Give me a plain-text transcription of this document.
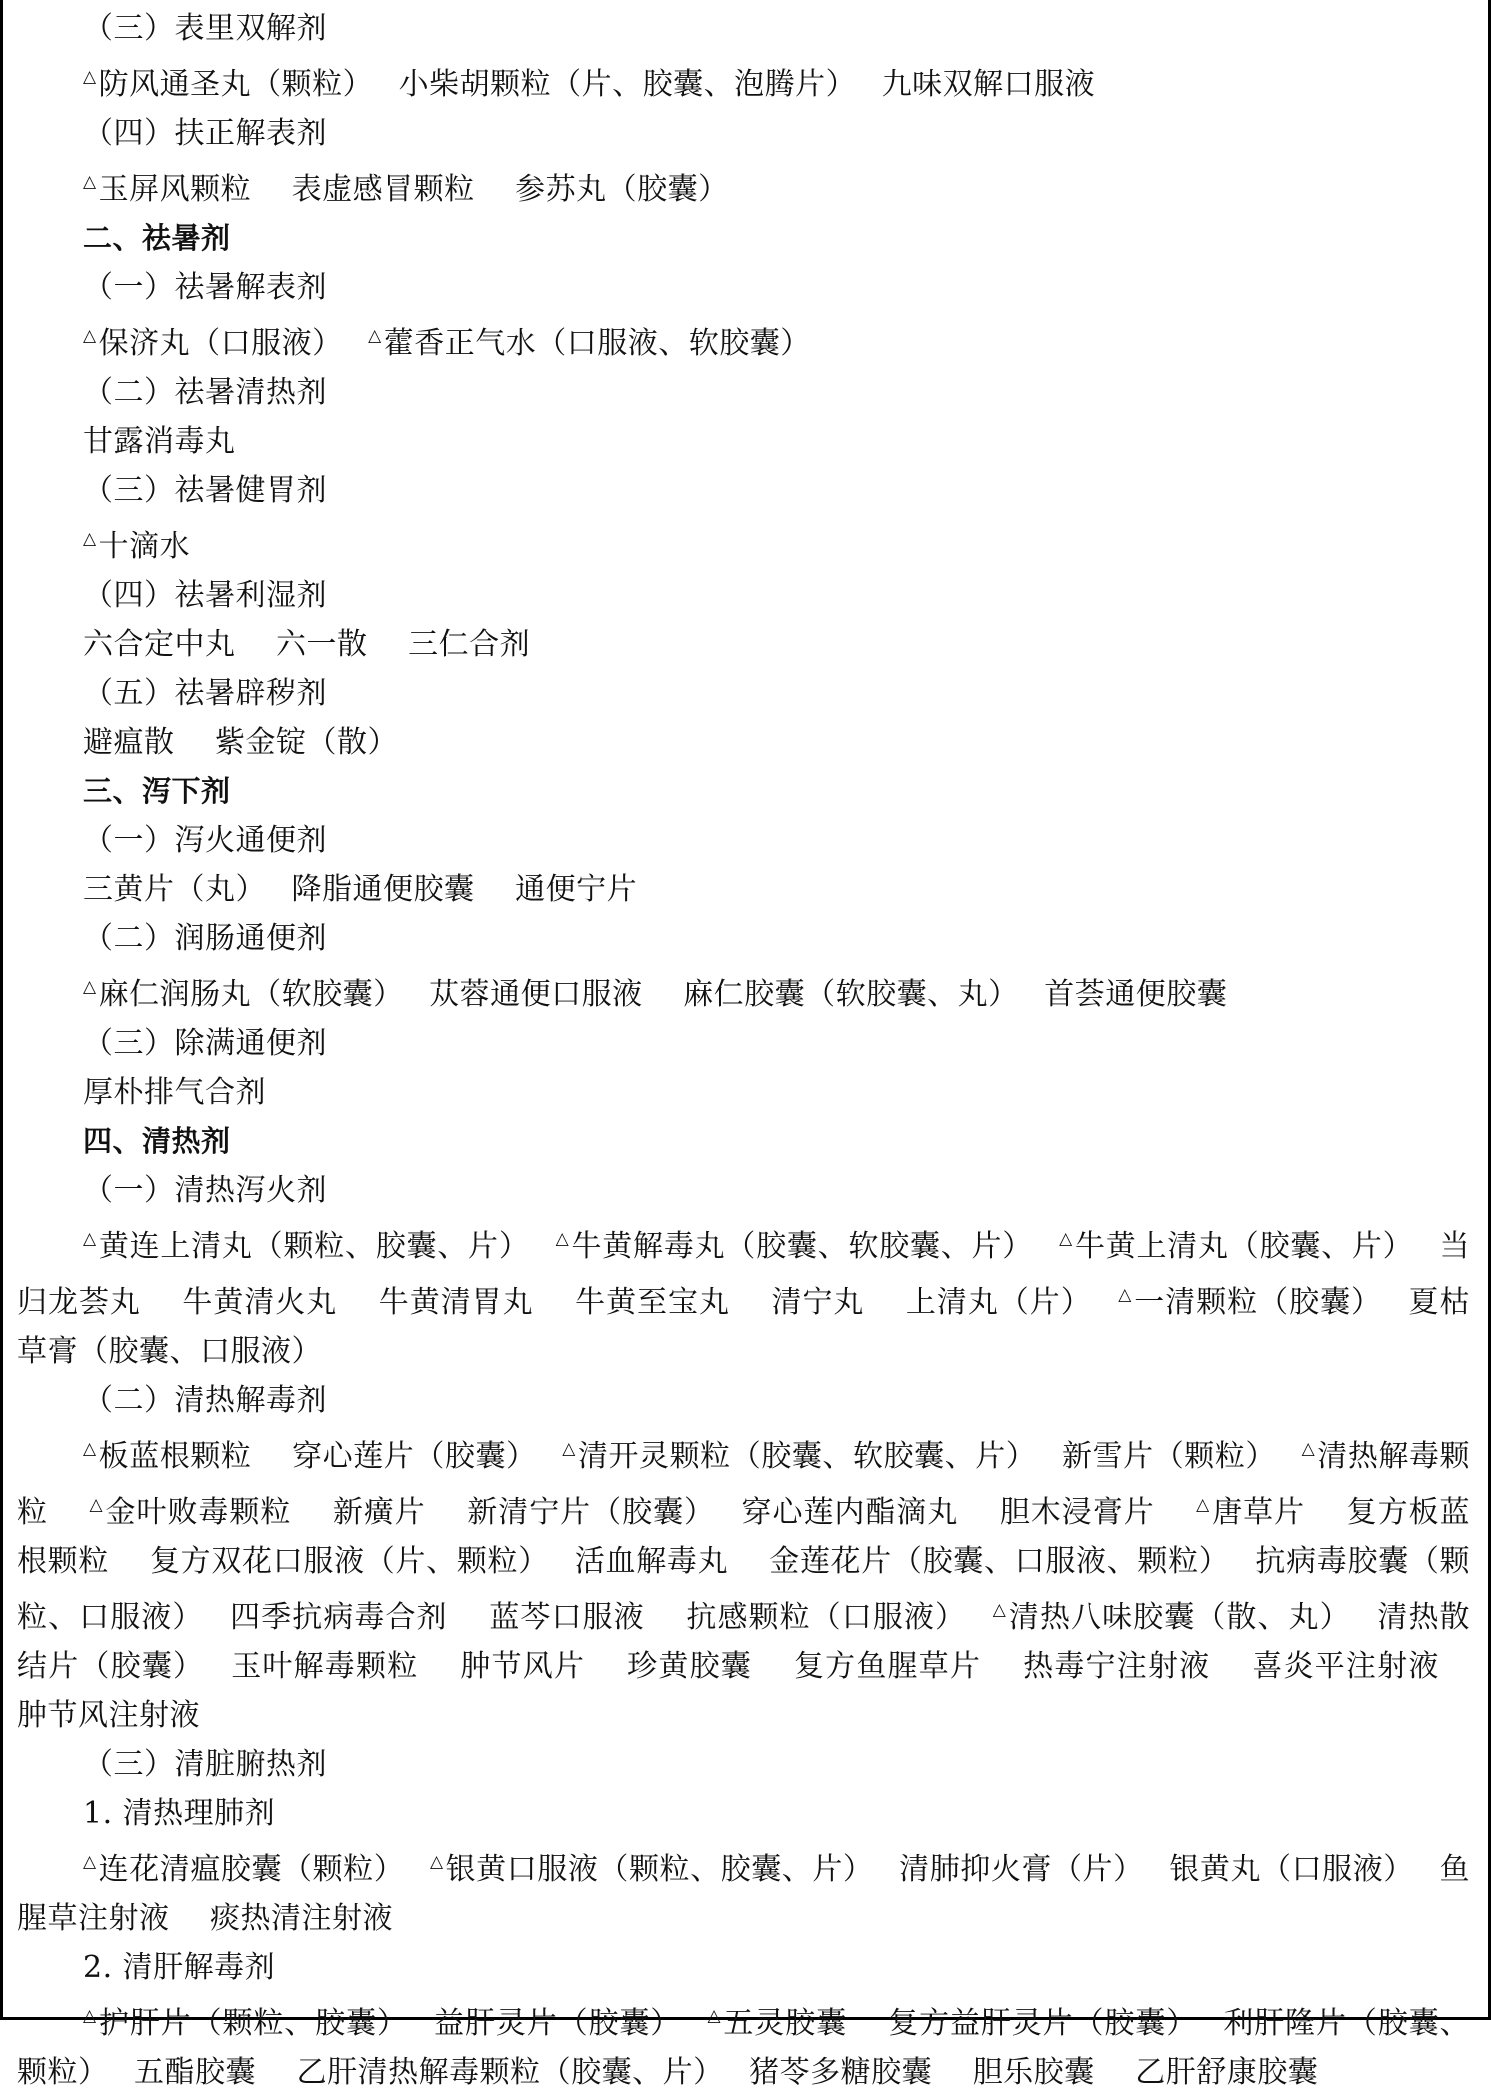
（三）表里双解剂
△防风通圣丸（颗粒）　 小柴胡颗粒（片、胶囊、泡腾片）　 九味双解口服液
（四）扶正解表剂
△玉屏风颗粒　 表虚感冒颗粒　 参苏丸（胶囊）
二、祛暑剂
（一）祛暑解表剂
△保济丸（口服液）　 △藿香正气水（口服液、软胶囊）
（二）祛暑清热剂
甘露消毒丸
（三）祛暑健胃剂
△十滴水
（四）祛暑利湿剂
六合定中丸　 六一散　 三仁合剂
（五）祛暑辟秽剂
避瘟散　 紫金锭（散）
三、泻下剂
（一）泻火通便剂
三黄片（丸）　 降脂通便胶囊　 通便宁片
（二）润肠通便剂
△麻仁润肠丸（软胶囊）　 苁蓉通便口服液　 麻仁胶囊（软胶囊、丸）　 首荟通便胶囊
（三）除满通便剂
厚朴排气合剂
四、清热剂
（一）清热泻火剂
△黄连上清丸（颗粒、胶囊、片）　 △牛黄解毒丸（胶囊、软胶囊、片）　 △牛黄上清丸（胶囊、片）　 当归龙荟丸　 牛黄清火丸　 牛黄清胃丸　 牛黄至宝丸　 清宁丸　 上清丸（片）　 △一清颗粒（胶囊）　 夏枯草膏（胶囊、口服液）
（二）清热解毒剂
△板蓝根颗粒　 穿心莲片（胶囊）　 △清开灵颗粒（胶囊、软胶囊、片）　 新雪片（颗粒）　 △清热解毒颗粒　 △金叶败毒颗粒　 新癀片　 新清宁片（胶囊）　 穿心莲内酯滴丸　 胆木浸膏片　 △唐草片　 复方板蓝根颗粒　 复方双花口服液（片、颗粒）　 活血解毒丸　 金莲花片（胶囊、口服液、颗粒）　 抗病毒胶囊（颗粒、口服液）　 四季抗病毒合剂　 蓝芩口服液　 抗感颗粒（口服液）　 △清热八味胶囊（散、丸）　 清热散结片（胶囊）　 玉叶解毒颗粒　 肿节风片　 珍黄胶囊　 复方鱼腥草片　 热毒宁注射液　 喜炎平注射液　 肿节风注射液
（三）清脏腑热剂
1. 清热理肺剂
△连花清瘟胶囊（颗粒）　 △银黄口服液（颗粒、胶囊、片）　 清肺抑火膏（片）　 银黄丸（口服液）　 鱼腥草注射液　 痰热清注射液
2. 清肝解毒剂
△护肝片（颗粒、胶囊）　 益肝灵片（胶囊）　 △五灵胶囊　 复方益肝灵片（胶囊）　 利肝隆片（胶囊、颗粒）　 五酯胶囊　 乙肝清热解毒颗粒（胶囊、片）　 猪苓多糖胶囊　 胆乐胶囊　 乙肝舒康胶囊
